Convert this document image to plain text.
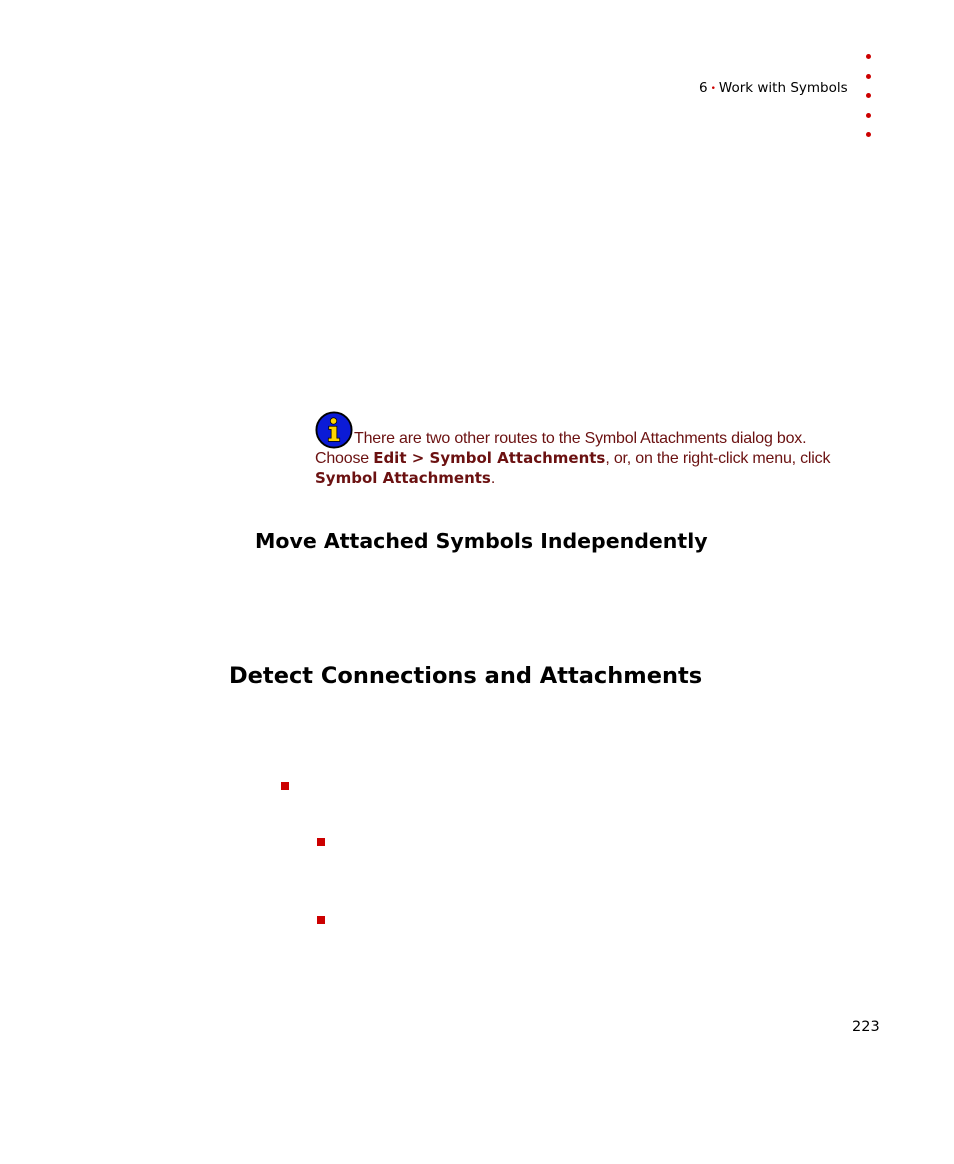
6 • Work with Symbols
There are two other routes to the Symbol Attachments dialog box. Choose Edit > Symbol Attachments, or, on the right-click menu, click Symbol Attachments.
Move Attached Symbols Independently
Detect Connections and Attachments
223
